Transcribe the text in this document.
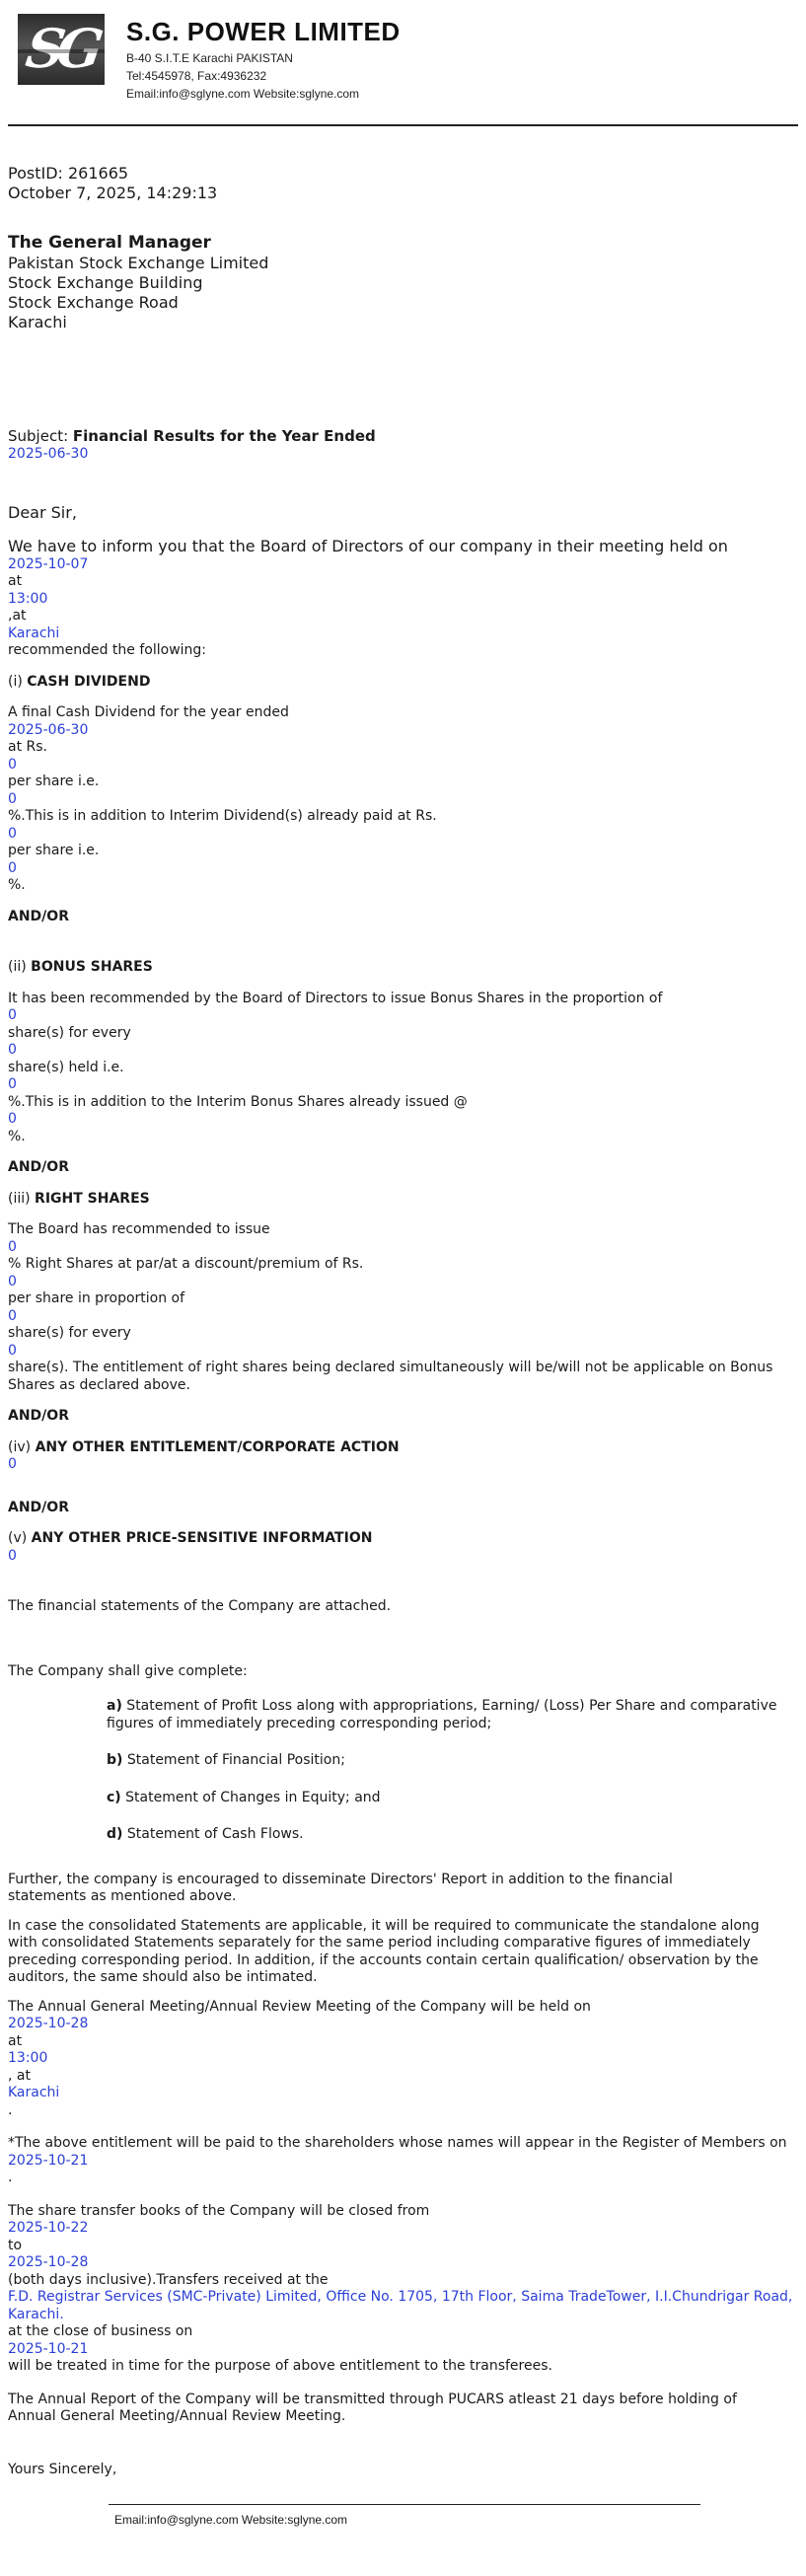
SG S.G. POWER LIMITED
B-40 S.I.T.E Karachi PAKISTAN
Tel:4545978, Fax:4936232
Email:info@sglyne.com Website:sglyne.com
PostID: 261665
October 7, 2025, 14:29:13
The General Manager
Pakistan Stock Exchange Limited
Stock Exchange Building
Stock Exchange Road
Karachi
Subject: Financial Results for the Year Ended
2025-06-30
Dear Sir,
We have to inform you that the Board of Directors of our company in their meeting held on
2025-10-07
at
13:00
,at
Karachi
recommended the following:
(i) CASH DIVIDEND
A final Cash Dividend for the year ended
2025-06-30
at Rs.
0
per share i.e.
0
%.This is in addition to Interim Dividend(s) already paid at Rs.
0
per share i.e.
0
%.
AND/OR
(ii) BONUS SHARES
It has been recommended by the Board of Directors to issue Bonus Shares in the proportion of
0
share(s) for every
0
share(s) held i.e.
0
%.This is in addition to the Interim Bonus Shares already issued @
0
%.
AND/OR
(iii) RIGHT SHARES
The Board has recommended to issue
0
% Right Shares at par/at a discount/premium of Rs.
0
per share in proportion of
0
share(s) for every
0
share(s). The entitlement of right shares being declared simultaneously will be/will not be applicable on Bonus Shares as declared above.
AND/OR
(iv) ANY OTHER ENTITLEMENT/CORPORATE ACTION
0
AND/OR
(v) ANY OTHER PRICE-SENSITIVE INFORMATION
0

The financial statements of the Company are attached.

The Company shall give complete:

a) Statement of Profit Loss along with appropriations, Earning/ (Loss) Per Share and comparative figures of immediately preceding corresponding period;
b) Statement of Financial Position;
c) Statement of Changes in Equity; and
d) Statement of Cash Flows.

Further, the company is encouraged to disseminate Directors' Report in addition to the financial statements as mentioned above.

In case the consolidated Statements are applicable, it will be required to communicate the standalone along with consolidated Statements separately for the same period including comparative figures of immediately preceding corresponding period. In addition, if the accounts contain certain qualification/ observation by the auditors, the same should also be intimated.

The Annual General Meeting/Annual Review Meeting of the Company will be held on

2025-10-28
at
13:00
, at
Karachi
.

*The above entitlement will be paid to the shareholders whose names will appear in the Register of Members on

2025-10-21
.

The share transfer books of the Company will be closed from

2025-10-22
to
2025-10-28
(both days inclusive).Transfers received at the
F.D. Registrar Services (SMC-Private) Limited, Office No. 1705, 17th Floor, Saima TradeTower, I.I.Chundrigar Road, Karachi.
at the close of business on
2025-10-21
will be treated in time for the purpose of above entitlement to the transferees.

The Annual Report of the Company will be transmitted through PUCARS atleast 21 days before holding of Annual General Meeting/Annual Review Meeting.

Yours Sincerely,

Email:info@sglyne.com Website:sglyne.com
